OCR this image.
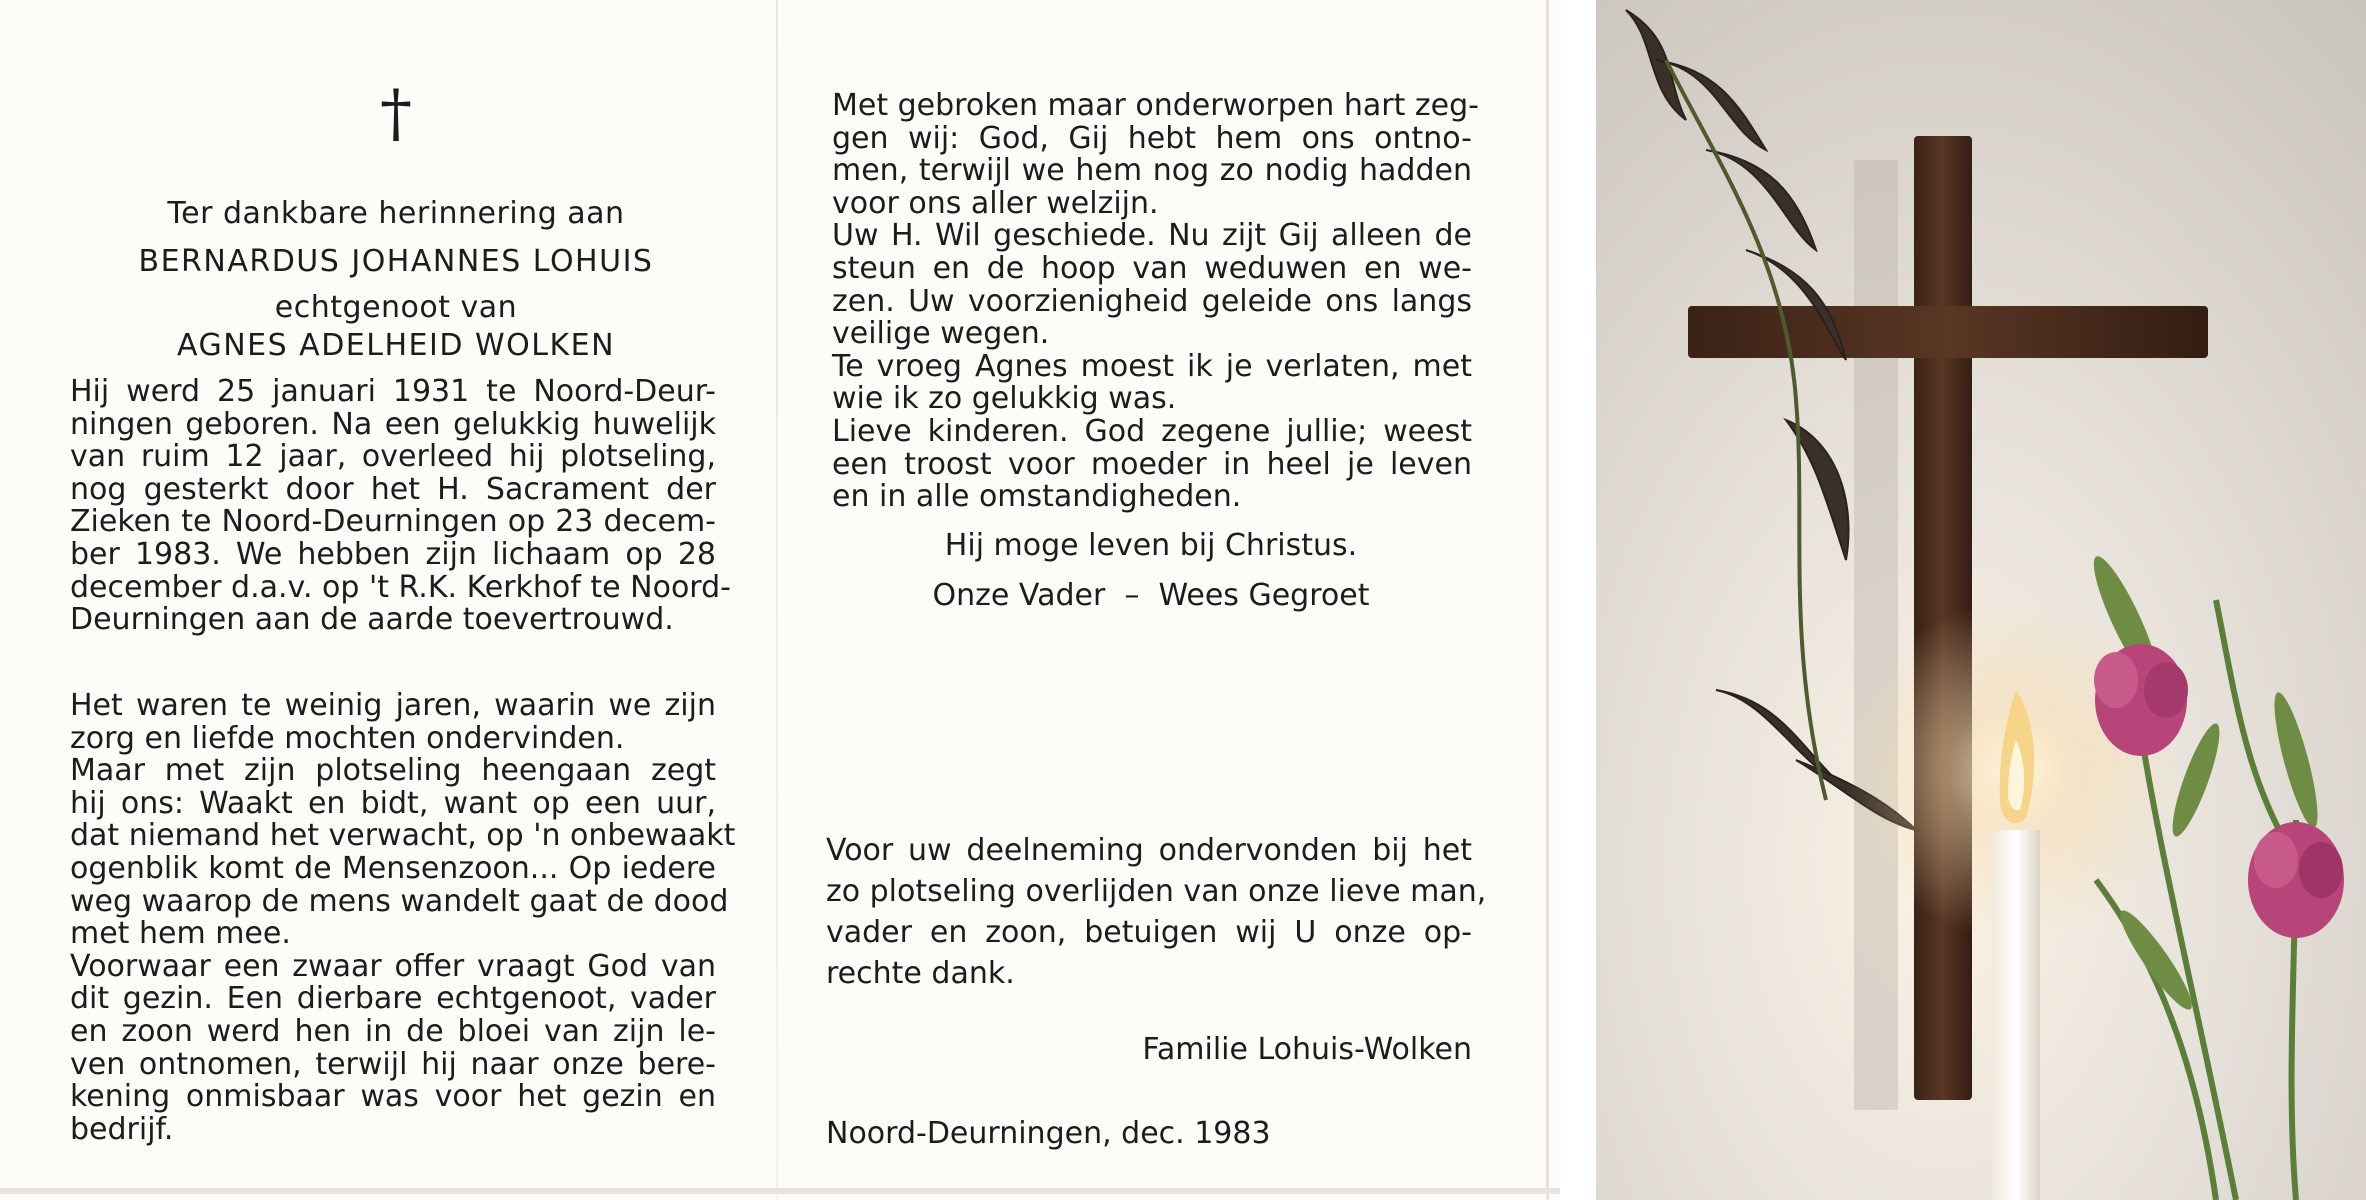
†
Ter dankbare herinnering aan
BERNARDUS JOHANNES LOHUIS
echtgenoot van
AGNES ADELHEID WOLKEN
Hij werd 25 januari 1931 te Noord-Deur-
ningen geboren. Na een gelukkig huwelijk
van ruim 12 jaar, overleed hij plotseling,
nog gesterkt door het H. Sacrament der
Zieken te Noord-Deurningen op 23 decem-
ber 1983. We hebben zijn lichaam op 28
december d.a.v. op 't R.K. Kerkhof te Noord-
Deurningen aan de aarde toevertrouwd.
Het waren te weinig jaren, waarin we zijn
zorg en liefde mochten ondervinden.
Maar met zijn plotseling heengaan zegt
hij ons: Waakt en bidt, want op een uur,
dat niemand het verwacht, op 'n onbewaakt
ogenblik komt de Mensenzoon... Op iedere
weg waarop de mens wandelt gaat de dood
met hem mee.
Voorwaar een zwaar offer vraagt God van
dit gezin. Een dierbare echtgenoot, vader
en zoon werd hen in de bloei van zijn le-
ven ontnomen, terwijl hij naar onze bere-
kening onmisbaar was voor het gezin en
bedrijf.
Met gebroken maar onderworpen hart zeg-
gen wij: God, Gij hebt hem ons ontno-
men, terwijl we hem nog zo nodig hadden
voor ons aller welzijn.
Uw H. Wil geschiede. Nu zijt Gij alleen de
steun en de hoop van weduwen en we-
zen. Uw voorzienigheid geleide ons langs
veilige wegen.
Te vroeg Agnes moest ik je verlaten, met
wie ik zo gelukkig was.
Lieve kinderen. God zegene jullie; weest
een troost voor moeder in heel je leven
en in alle omstandigheden.
Hij moge leven bij Christus.
Onze Vader  –  Wees Gegroet
Voor uw deelneming ondervonden bij het
zo plotseling overlijden van onze lieve man,
vader en zoon, betuigen wij U onze op-
rechte dank.
Familie Lohuis-Wolken
Noord-Deurningen, dec. 1983
